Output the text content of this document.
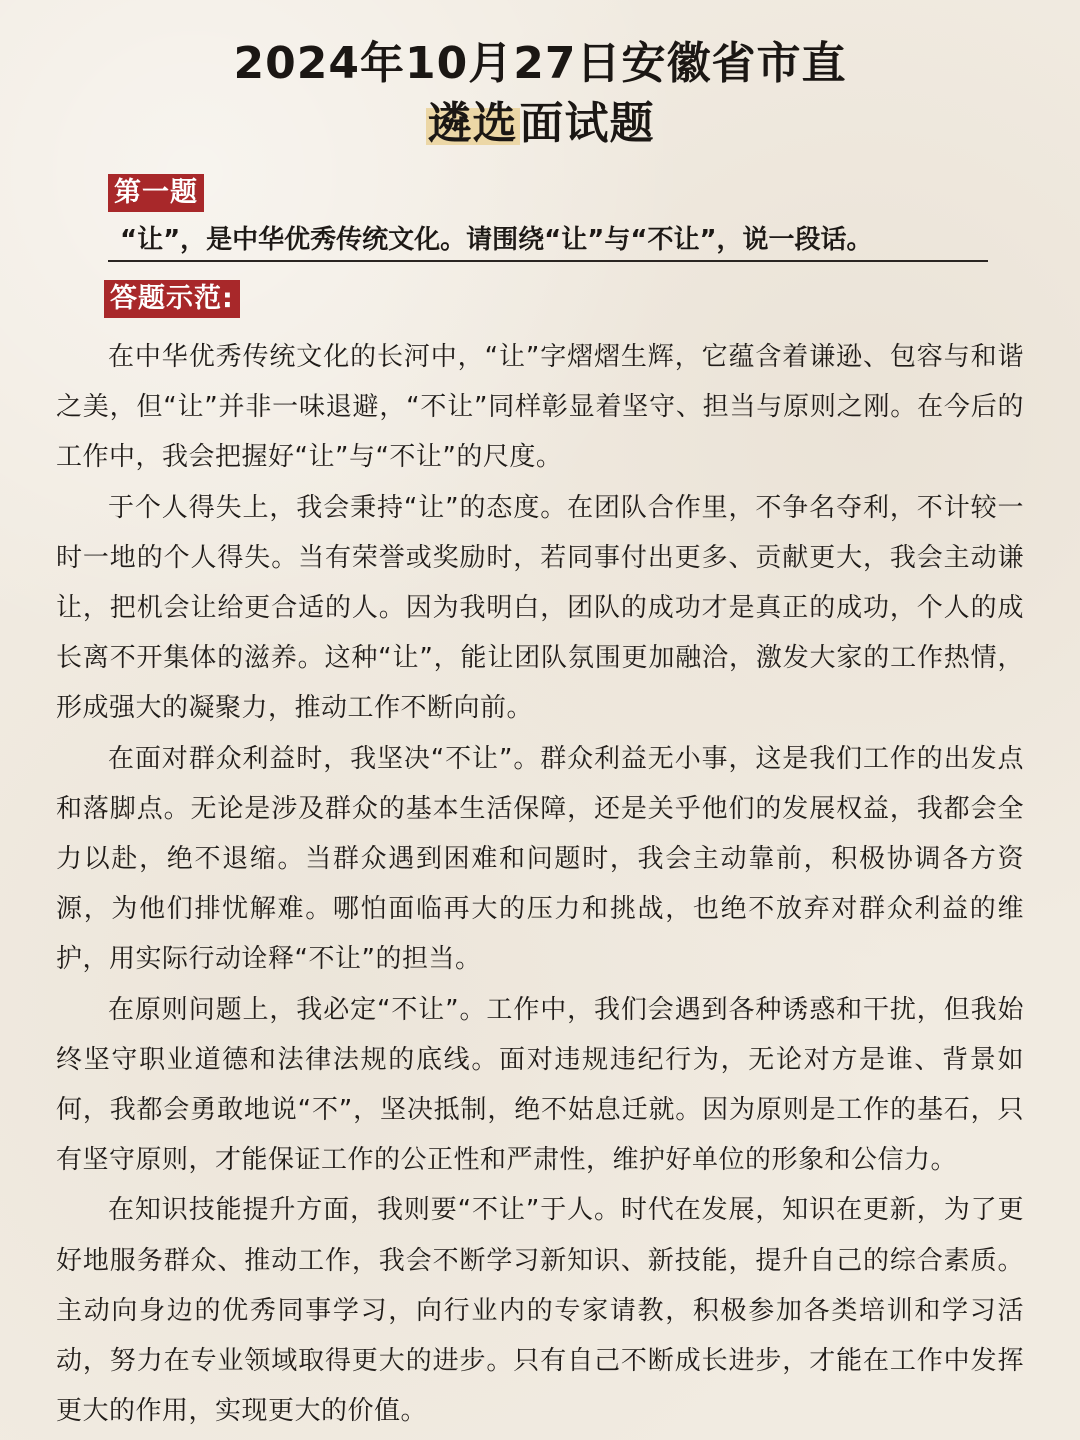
2024年10月27日安徽省市直
遴选面试题
第一题
“让”，是中华优秀传统文化。请围绕“让”与“不让”，说一段话。
答题示范:

在中华优秀传统文化的长河中，“让”字熠熠生辉，它蕴含着谦逊、包容与和谐之美，但“让”并非一味退避，“不让”同样彰显着坚守、担当与原则之刚。在今后的工作中，我会把握好“让”与“不让”的尺度。

于个人得失上，我会秉持“让”的态度。在团队合作里，不争名夺利，不计较一时一地的个人得失。当有荣誉或奖励时，若同事付出更多、贡献更大，我会主动谦让，把机会让给更合适的人。因为我明白，团队的成功才是真正的成功，个人的成长离不开集体的滋养。这种“让”，能让团队氛围更加融洽，激发大家的工作热情，形成强大的凝聚力，推动工作不断向前。

在面对群众利益时，我坚决“不让”。群众利益无小事，这是我们工作的出发点和落脚点。无论是涉及群众的基本生活保障，还是关乎他们的发展权益，我都会全力以赴，绝不退缩。当群众遇到困难和问题时，我会主动靠前，积极协调各方资源，为他们排忧解难。哪怕面临再大的压力和挑战，也绝不放弃对群众利益的维护，用实际行动诠释“不让”的担当。

在原则问题上，我必定“不让”。工作中，我们会遇到各种诱惑和干扰，但我始终坚守职业道德和法律法规的底线。面对违规违纪行为，无论对方是谁、背景如何，我都会勇敢地说“不”，坚决抵制，绝不姑息迁就。因为原则是工作的基石，只有坚守原则，才能保证工作的公正性和严肃性，维护好单位的形象和公信力。

在知识技能提升方面，我则要“不让”于人。时代在发展，知识在更新，为了更好地服务群众、推动工作，我会不断学习新知识、新技能，提升自己的综合素质。主动向身边的优秀同事学习，向行业内的专家请教，积极参加各类培训和学习活动，努力在专业领域取得更大的进步。只有自己不断成长进步，才能在工作中发挥更大的作用，实现更大的价值。
